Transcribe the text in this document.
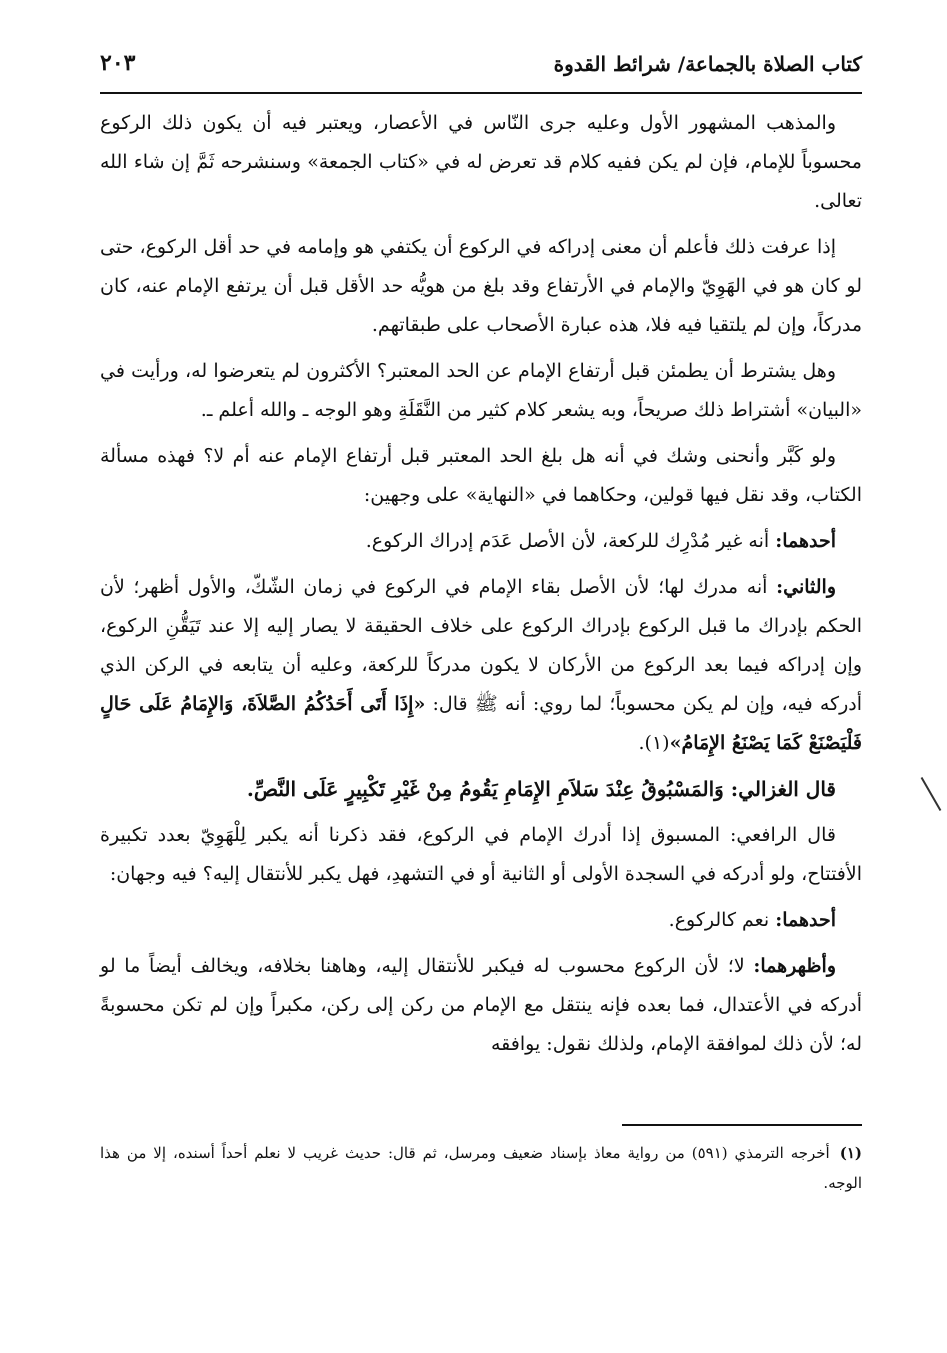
كتاب الصلاة بالجماعة/ شرائط القدوة
٢٠٣

والمذهب المشهور الأول وعليه جرى النّاس في الأعصار، ويعتبر فيه أن يكون ذلك الركوع محسوباً للإمام، فإن لم يكن ففيه كلام قد تعرض له في «كتاب الجمعة» وسنشرحه ثَمَّ إن شاء الله تعالى.

إذا عرفت ذلك فأعلم أن معنى إدراكه في الركوع أن يكتفي هو وإمامه في حد أقل الركوع، حتى لو كان هو في الهَوِيّ والإمام في الأرتفاع وقد بلغ من هويُّه حد الأقل قبل أن يرتفع الإمام عنه، كان مدركاً، وإن لم يلتقيا فيه فلا، هذه عبارة الأصحاب على طبقاتهم.

وهل يشترط أن يطمئن قبل أرتفاع الإمام عن الحد المعتبر؟ الأكثرون لم يتعرضوا له، ورأيت في «البيان» أشتراط ذلك صريحاً، وبه يشعر كلام كثير من النَّقَلَةِ وهو الوجه ـ والله أعلم ـ.

ولو كَبَّر وأنحنى وشك في أنه هل بلغ الحد المعتبر قبل أرتفاع الإمام عنه أم لا؟ فهذه مسألة الكتاب، وقد نقل فيها قولين، وحكاهما في «النهاية» على وجهين:

أحدهما: أنه غير مُدْرِك للركعة، لأن الأصل عَدَم إدراك الركوع.

والثاني: أنه مدرك لها؛ لأن الأصل بقاء الإمام في الركوع في زمان الشّكّ، والأول أظهر؛ لأن الحكم بإدراك ما قبل الركوع بإدراك الركوع على خلاف الحقيقة لا يصار إليه إلا عند تَيَقُّنِ الركوع، وإن إدراكه فيما بعد الركوع من الأركان لا يكون مدركاً للركعة، وعليه أن يتابعه في الركن الذي أدركه فيه، وإن لم يكن محسوباً؛ لما روي: أنه ﷺ قال: «إِذَا أَتَى أَحَدُكُمُ الصَّلاَةَ، وَالإِمَامُ عَلَى حَالٍ فَلْيَصْنَعْ كَمَا يَصْنَعُ الإِمَامُ»(١).

قال الغزالي: وَالمَسْبُوقُ عِنْدَ سَلاَمِ الإِمَامِ يَقُومُ مِنْ غَيْرِ تَكْبِيرٍ عَلَى النَّصِّ.

قال الرافعي: المسبوق إذا أدرك الإمام في الركوع، فقد ذكرنا أنه يكبر لِلْهَوِيّ بعدد تكبيرة الأفتتاح، ولو أدركه في السجدة الأولى أو الثانية أو في التشهدِ، فهل يكبر للأنتقال إليه؟ فيه وجهان:

أحدهما: نعم كالركوع.

وأظهرهما: لا؛ لأن الركوع محسوب له فيكبر للأنتقال إليه، وهاهنا بخلافه، ويخالف أيضاً ما لو أدركه في الأعتدال، فما بعده فإنه ينتقل مع الإمام من ركن إلى ركن، مكبراً وإن لم تكن محسوبةً له؛ لأن ذلك لموافقة الإمام، ولذلك نقول: يوافقه

(١)أخرجه الترمذي (٥٩١) من رواية معاذ بإسناد ضعيف ومرسل، ثم قال: حديث غريب لا نعلم أحداً أسنده، إلا من هذا الوجه.
